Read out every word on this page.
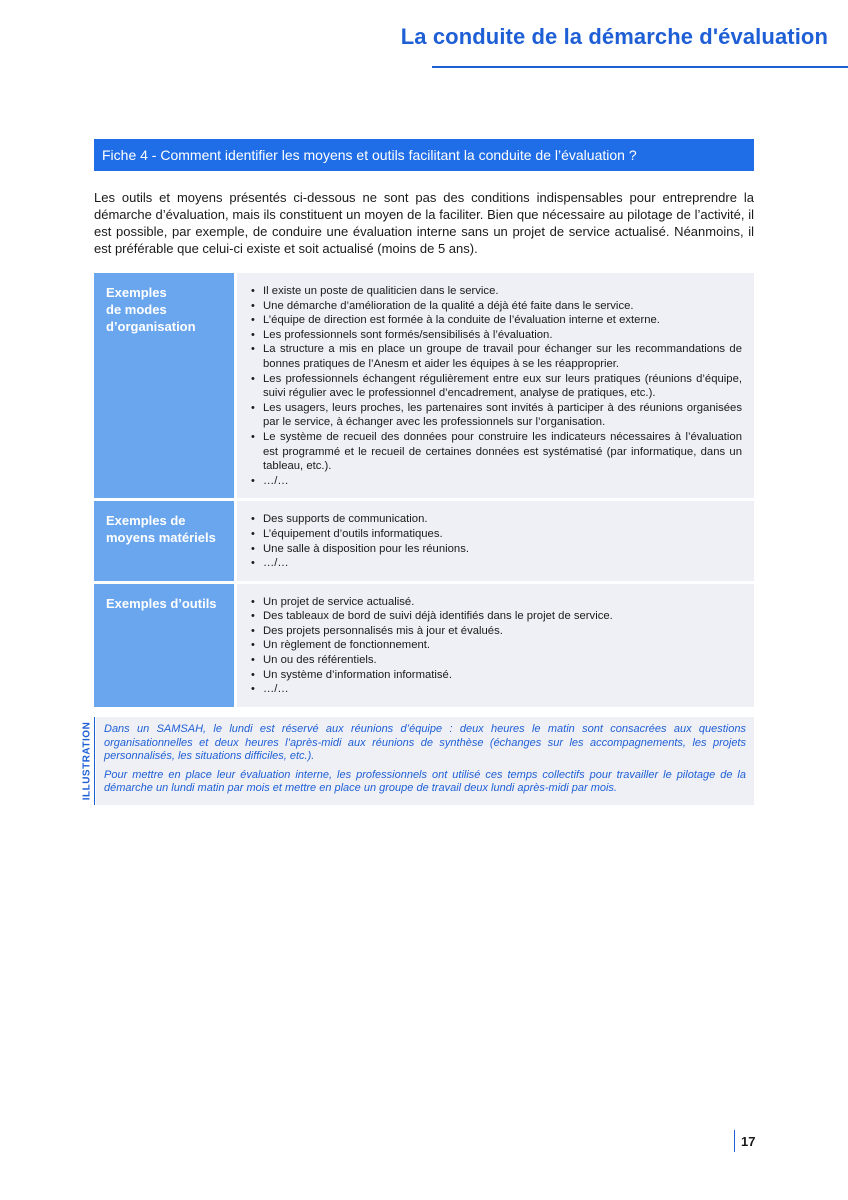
La conduite de la démarche d'évaluation
Fiche 4 - Comment identifier les moyens et outils facilitant la conduite de l’évaluation ?

Les outils et moyens présentés ci-dessous ne sont pas des conditions indispensables pour entreprendre la démarche d’évaluation, mais ils constituent un moyen de la faciliter. Bien que nécessaire au pilotage de l’activité, il est possible, par exemple, de conduire une évaluation interne sans un projet de service actualisé. Néanmoins, il est préférable que celui-ci existe et soit actualisé (moins de 5 ans).

Exemples
de modes
d’organisation
• Il existe un poste de qualiticien dans le service.
• Une démarche d’amélioration de la qualité a déjà été faite dans le service.
• L’équipe de direction est formée à la conduite de l’évaluation interne et externe.
• Les professionnels sont formés/sensibilisés à l’évaluation.
• La structure a mis en place un groupe de travail pour échanger sur les recommandations de bonnes pratiques de l’Anesm et aider les équipes à se les réapproprier.
• Les professionnels échangent régulièrement entre eux sur leurs pratiques (réunions d’équipe, suivi régulier avec le professionnel d’encadrement, analyse de pratiques, etc.).
• Les usagers, leurs proches, les partenaires sont invités à participer à des réunions organisées par le service, à échanger avec les professionnels sur l’organisation.
• Le système de recueil des données pour construire les indicateurs nécessaires à l’évaluation est programmé et le recueil de certaines données est systématisé (par informatique, dans un tableau, etc.).
• …/…
Exemples de
moyens matériels
• Des supports de communication.
• L’équipement d’outils informatiques.
• Une salle à disposition pour les réunions.
• …/…
Exemples d’outils
•	Un projet de service actualisé.
• Des tableaux de bord de suivi déjà identifiés dans le projet de service.
• Des projets personnalisés mis à jour et évalués.
• Un règlement de fonctionnement.
• Un ou des référentiels.
• Un système d’information informatisé.
• …/…
ILLUSTRATION Dans un SAMSAH, le lundi est réservé aux réunions d’équipe : deux heures le matin sont consacrées aux questions organisationnelles et deux heures l’après-midi aux réunions de synthèse (échanges sur les accompagnements, les projets personnalisés, les situations difficiles, etc.).

Pour mettre en place leur évaluation interne, les professionnels ont utilisé ces temps collectifs pour travailler le pilotage de la démarche un lundi matin par mois et mettre en place un groupe de travail deux lundi après-midi par mois.

17
